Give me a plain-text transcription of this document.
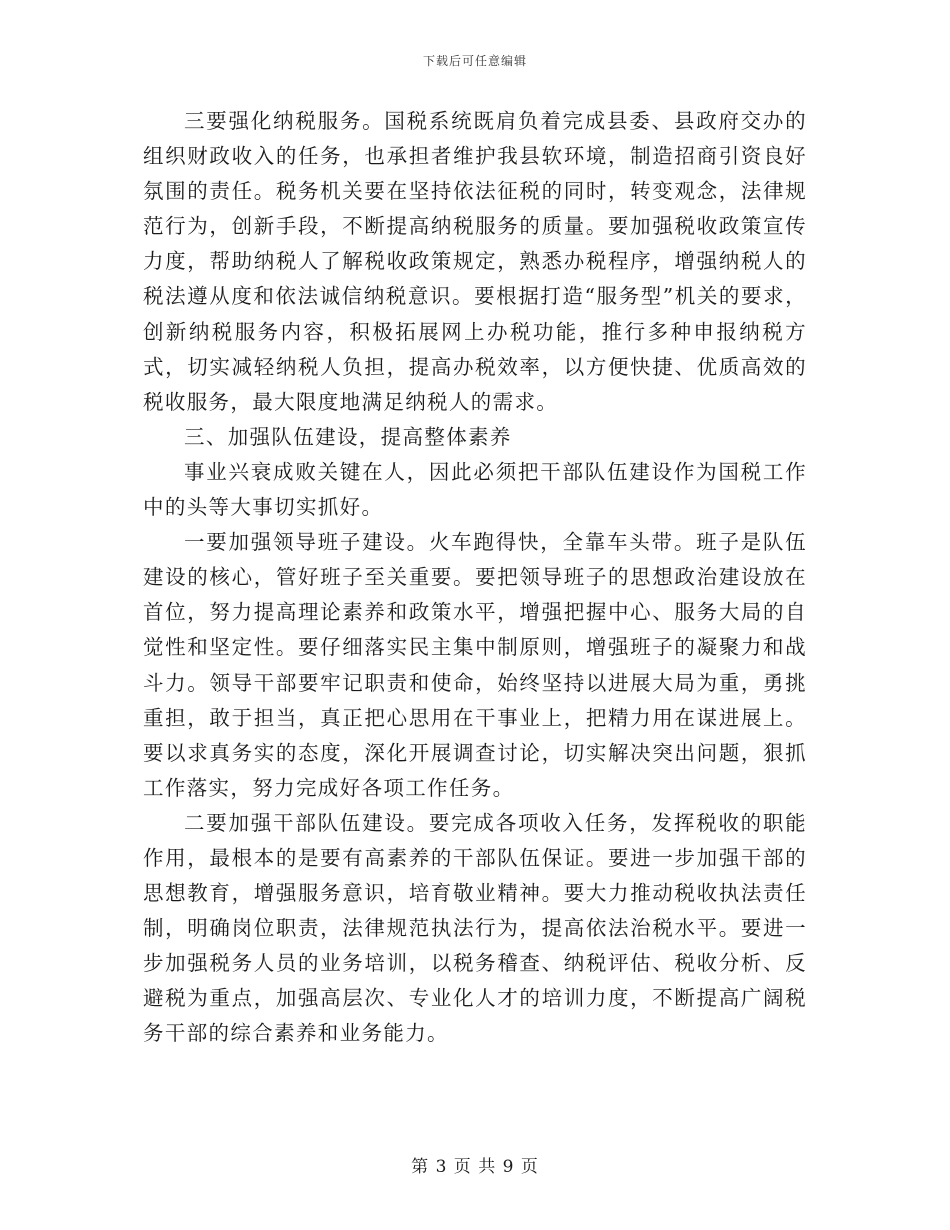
下载后可任意编辑

三要强化纳税服务。国税系统既肩负着完成县委、县政府交办的组织财政收入的任务，也承担者维护我县软环境，制造招商引资良好氛围的责任。税务机关要在坚持依法征税的同时，转变观念，法律规范行为，创新手段，不断提高纳税服务的质量。要加强税收政策宣传力度，帮助纳税人了解税收政策规定，熟悉办税程序，增强纳税人的税法遵从度和依法诚信纳税意识。要根据打造“服务型”机关的要求，创新纳税服务内容，积极拓展网上办税功能，推行多种申报纳税方式，切实减轻纳税人负担，提高办税效率，以方便快捷、优质高效的税收服务，最大限度地满足纳税人的需求。

三、加强队伍建设，提高整体素养

事业兴衰成败关键在人，因此必须把干部队伍建设作为国税工作中的头等大事切实抓好。

一要加强领导班子建设。火车跑得快，全靠车头带。班子是队伍建设的核心，管好班子至关重要。要把领导班子的思想政治建设放在首位，努力提高理论素养和政策水平，增强把握中心、服务大局的自觉性和坚定性。要仔细落实民主集中制原则，增强班子的凝聚力和战斗力。领导干部要牢记职责和使命，始终坚持以进展大局为重，勇挑重担，敢于担当，真正把心思用在干事业上，把精力用在谋进展上。要以求真务实的态度，深化开展调查讨论，切实解决突出问题，狠抓工作落实，努力完成好各项工作任务。

二要加强干部队伍建设。要完成各项收入任务，发挥税收的职能作用，最根本的是要有高素养的干部队伍保证。要进一步加强干部的思想教育，增强服务意识，培育敬业精神。要大力推动税收执法责任制，明确岗位职责，法律规范执法行为，提高依法治税水平。要进一步加强税务人员的业务培训，以税务稽查、纳税评估、税收分析、反避税为重点，加强高层次、专业化人才的培训力度，不断提高广阔税务干部的综合素养和业务能力。

第 3 页 共 9 页
